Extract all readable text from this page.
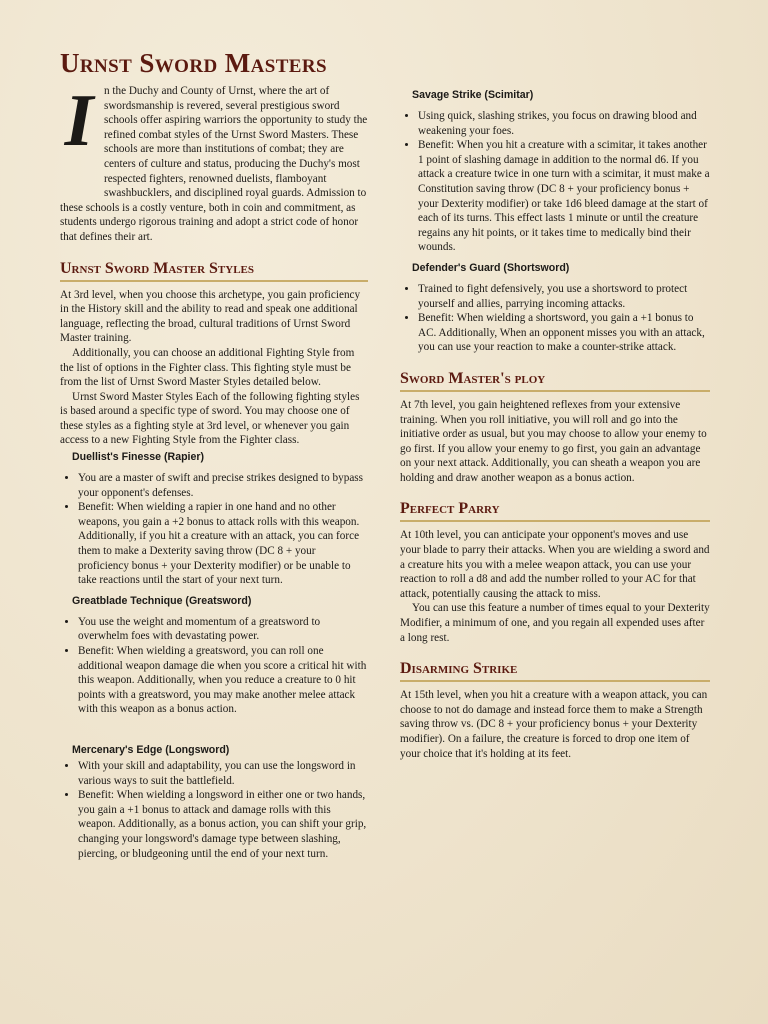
Urnst Sword Masters
I n the Duchy and County of Urnst, where the art of swordsmanship is revered, several prestigious sword schools offer aspiring warriors the opportunity to study the refined combat styles of the Urnst Sword Masters. These schools are more than institutions of combat; they are centers of culture and status, producing the Duchy's most respected fighters, renowned duelists, flamboyant swashbucklers, and disciplined royal guards. Admission to these schools is a costly venture, both in coin and commitment, as students undergo rigorous training and adopt a strict code of honor that defines their art.

Urnst Sword Master Styles

At 3rd level, when you choose this archetype, you gain proficiency in the History skill and the ability to read and speak one additional language, reflecting the broad, cultural traditions of Urnst Sword Master training.

Additionally, you can choose an additional Fighting Style from the list of options in the Fighter class. This fighting style must be from the list of Urnst Sword Master Styles detailed below.

Urnst Sword Master Styles Each of the following fighting styles is based around a specific type of sword. You may choose one of these styles as a fighting style at 3rd level, or whenever you gain access to a new Fighting Style from the Fighter class.

Duellist's Finesse (Rapier)
• You are a master of swift and precise strikes designed to bypass your opponent's defenses.
• Benefit: When wielding a rapier in one hand and no other weapons, you gain a +2 bonus to attack rolls with this weapon. Additionally, if you hit a creature with an attack, you can force them to make a Dexterity saving throw (DC 8 + your proficiency bonus + your Dexterity modifier) or be unable to take reactions until the start of your next turn.
Greatblade Technique (Greatsword)
• You use the weight and momentum of a greatsword to overwhelm foes with devastating power.
• Benefit: When wielding a greatsword, you can roll one additional weapon damage die when you score a critical hit with this weapon. Additionally, when you reduce a creature to 0 hit points with a greatsword, you may make another melee attack with this weapon as a bonus action.
Mercenary's Edge (Longsword)
• With your skill and adaptability, you can use the longsword in various ways to suit the battlefield.
• Benefit: When wielding a longsword in either one or two hands, you gain a +1 bonus to attack and damage rolls with this weapon. Additionally, as a bonus action, you can shift your grip, changing your longsword's damage type between slashing, piercing, or bludgeoning until the end of your next turn.
Savage Strike (Scimitar)
• Using quick, slashing strikes, you focus on drawing blood and weakening your foes.
• Benefit: When you hit a creature with a scimitar, it takes another 1 point of slashing damage in addition to the normal d6. If you attack a creature twice in one turn with a scimitar, it must make a Constitution saving throw (DC 8 + your proficiency bonus + your Dexterity modifier) or take 1d6 bleed damage at the start of each of its turns. This effect lasts 1 minute or until the creature regains any hit points, or it takes time to medically bind their wounds.
Defender's Guard (Shortsword)
• Trained to fight defensively, you use a shortsword to protect yourself and allies, parrying incoming attacks.
• Benefit: When wielding a shortsword, you gain a +1 bonus to AC. Additionally, When an opponent misses you with an attack, you can use your reaction to make a counter-strike attack.
Sword Master's ploy

At 7th level, you gain heightened reflexes from your extensive training. When you roll initiative, you will roll and go into the initiative order as usual, but you may choose to allow your enemy to go first. If you allow your enemy to go first, you gain an advantage on your next attack. Additionally, you can sheath a weapon you are holding and draw another weapon as a bonus action.

Perfect Parry

At 10th level, you can anticipate your opponent's moves and use your blade to parry their attacks. When you are wielding a sword and a creature hits you with a melee weapon attack, you can use your reaction to roll a d8 and add the number rolled to your AC for that attack, potentially causing the attack to miss.

You can use this feature a number of times equal to your Dexterity Modifier, a minimum of one, and you regain all expended uses after a long rest.

Disarming Strike

At 15th level, when you hit a creature with a weapon attack, you can choose to not do damage and instead force them to make a Strength saving throw vs. (DC 8 + your proficiency bonus + your Dexterity modifier). On a failure, the creature is forced to drop one item of your choice that it's holding at its feet.
